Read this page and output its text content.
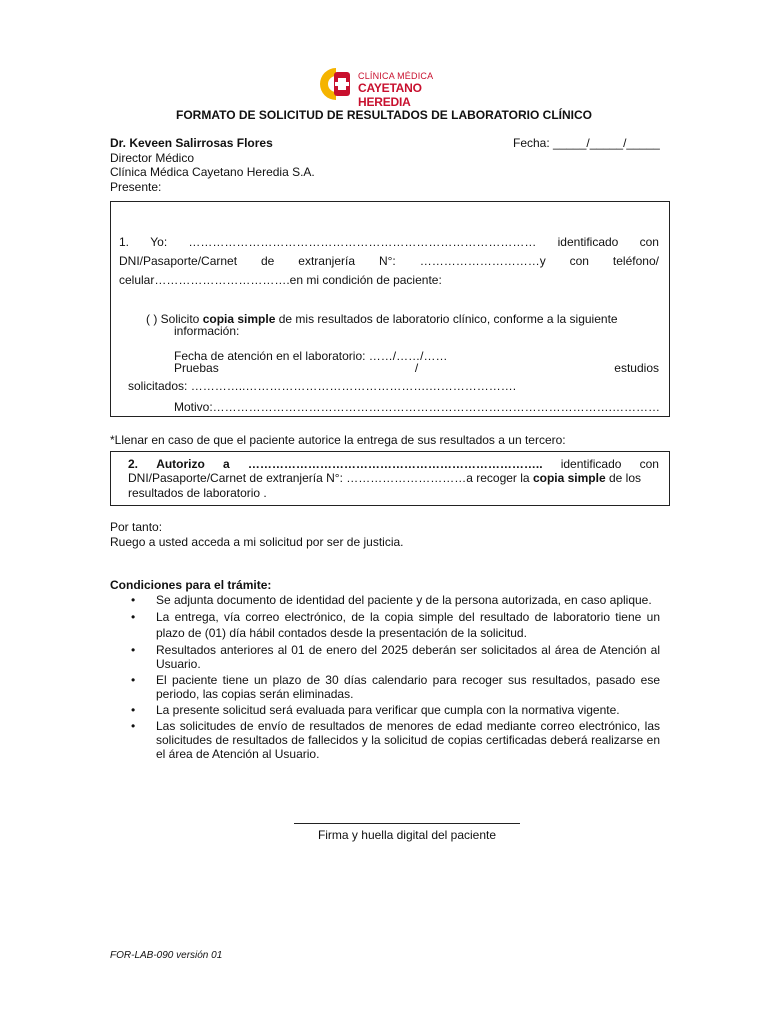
CLÍNICA MÉDICA
CAYETANO HEREDIA
FORMATO DE SOLICITUD DE RESULTADOS DE LABORATORIO CLÍNICO
Dr. Keveen Salirrosas Flores	Fecha: _____/_____/_____
Director Médico
Clínica Médica Cayetano Heredia S.A.
Presente:
1. Yo: …………………………………………………………………………… identificado con
DNI/Pasaporte/Carnet de extranjería N°: …………………………y con teléfono/
celular…………………………….en mi condición de paciente:
( ) Solicito copia simple de mis resultados de laboratorio clínico, conforme a la siguiente
información:
Fecha de atención en el laboratorio: ……/……/……
Pruebas	/	estudios
solicitados: …………..……………………………………….………………….
Motivo:……………………………………………………………………………………….…………
*Llenar en caso de que el paciente autorice la entrega de sus resultados a un tercero:
2. Autorizo a ……………………………………………………………….. identificado con
DNI/Pasaporte/Carnet de extranjería N°: …………………………a recoger la copia simple de los
resultados de laboratorio .
Por tanto:
Ruego a usted acceda a mi solicitud por ser de justicia.
Condiciones para el trámite:
• Se adjunta documento de identidad del paciente y de la persona autorizada, en caso aplique.
• La entrega, vía correo electrónico, de la copia simple del resultado de laboratorio tiene un plazo de (01) día hábil contados desde la presentación de la solicitud.
• Resultados anteriores al 01 de enero del 2025 deberán ser solicitados al área de Atención al Usuario.
• El paciente tiene un plazo de 30 días calendario para recoger sus resultados, pasado ese periodo, las copias serán eliminadas.
• La presente solicitud será evaluada para verificar que cumpla con la normativa vigente.
• Las solicitudes de envío de resultados de menores de edad mediante correo electrónico, las solicitudes de resultados de fallecidos y la solicitud de copias certificadas deberá realizarse en el área de Atención al Usuario.
Firma y huella digital del paciente
FOR-LAB-090 versión 01
